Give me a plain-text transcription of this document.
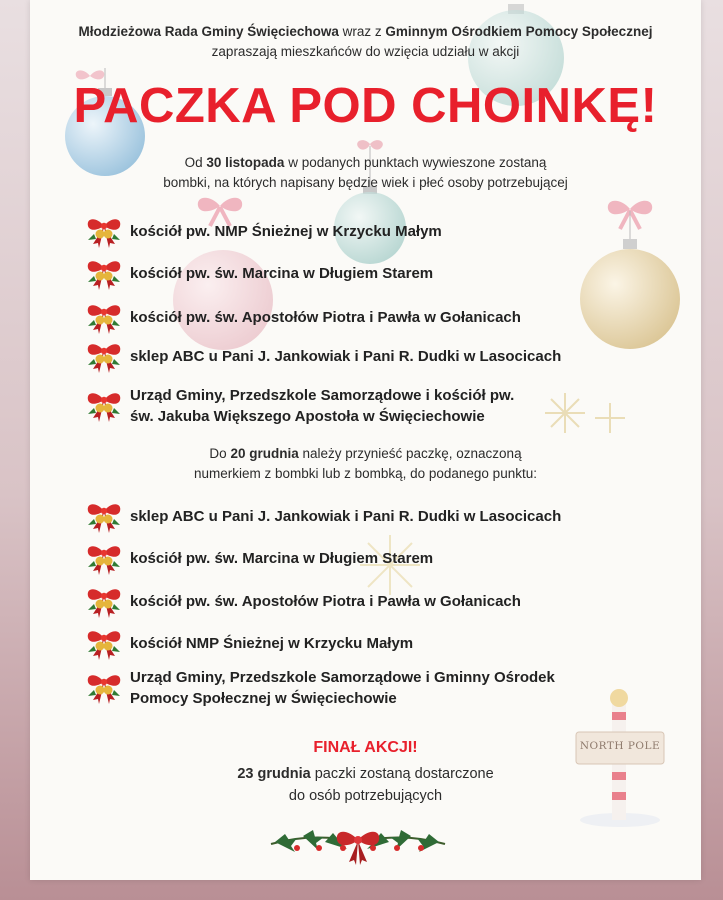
NORTH POLE
Młodzieżowa Rada Gminy Święciechowa wraz z Gminnym Ośrodkiem Pomocy Społecznej
zapraszają mieszkańców do wzięcia udziału w akcji
PACZKA POD CHOINKĘ!
Od 30 listopada w podanych punktach wywieszone zostaną
bombki, na których napisany będzie wiek i płeć osoby potrzebującej
kościół pw. NMP Śnieżnej w Krzycku Małym
kościół pw. św. Marcina w Długiem Starem
kościół pw. św. Apostołów Piotra i Pawła w Gołanicach
sklep ABC u Pani J. Jankowiak i Pani R. Dudki w Lasocicach
Urząd Gminy, Przedszkole Samorządowe i kościół pw.
św. Jakuba Większego Apostoła w Święciechowie
Do 20 grudnia należy przynieść paczkę, oznaczoną
numerkiem z bombki lub z bombką, do podanego punktu:
sklep ABC u Pani J. Jankowiak i Pani R. Dudki w Lasocicach
kościół pw. św. Marcina w Długiem Starem
kościół pw. św. Apostołów Piotra i Pawła w Gołanicach
kościół NMP Śnieżnej w Krzycku Małym
Urząd Gminy, Przedszkole Samorządowe i Gminny Ośrodek
Pomocy Społecznej w Święciechowie
FINAŁ AKCJI!
23 grudnia paczki zostaną dostarczone
do osób potrzebujących
